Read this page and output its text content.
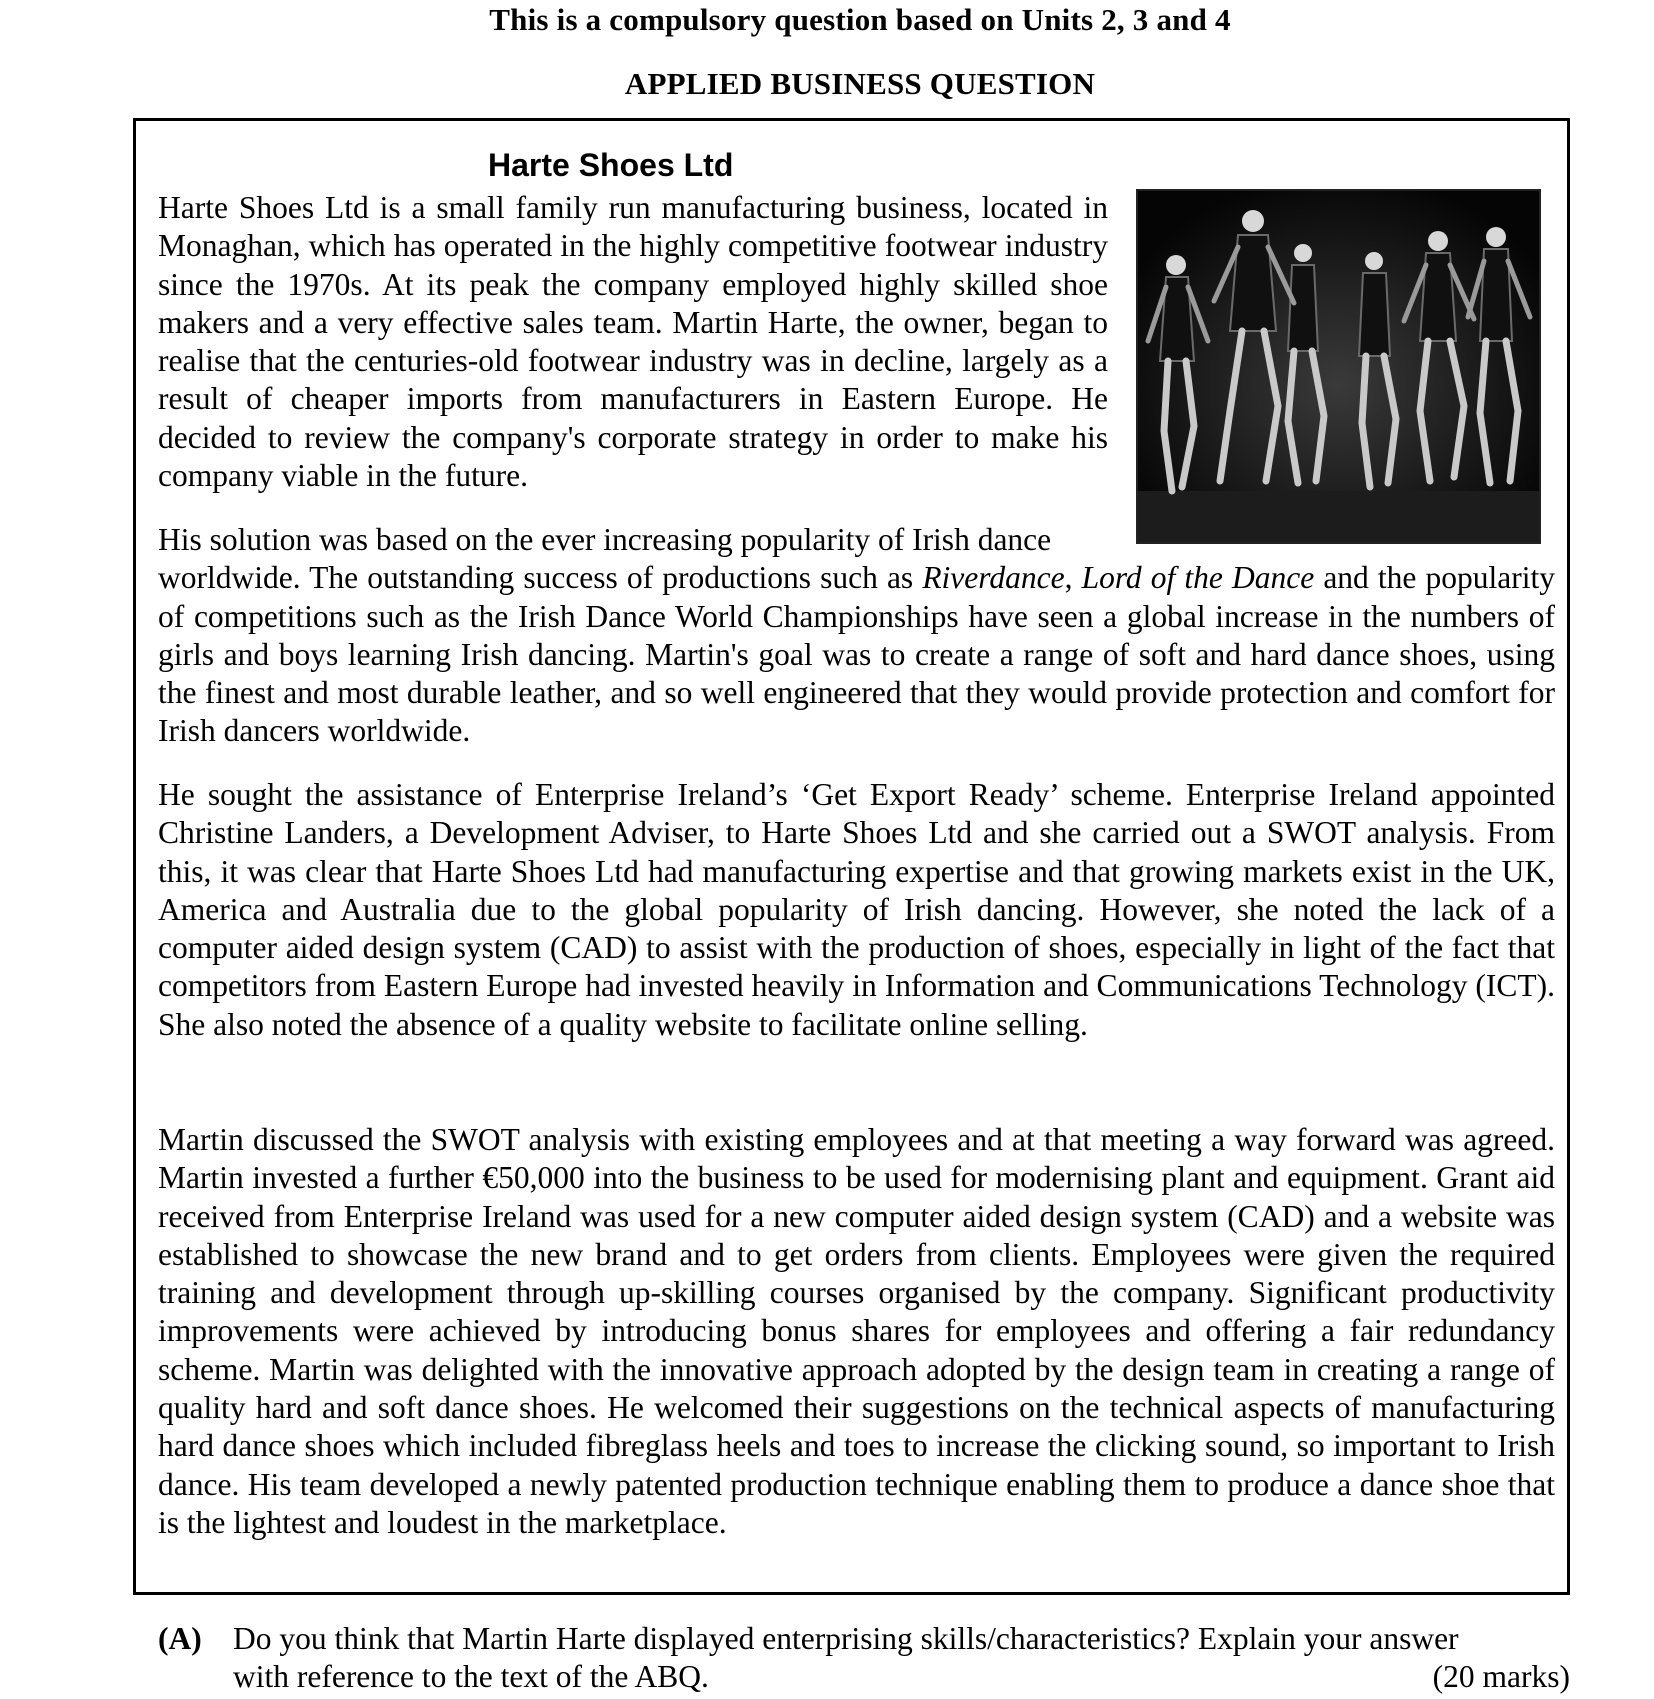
This is a compulsory question based on Units 2, 3 and 4
APPLIED BUSINESS QUESTION
Harte Shoes Ltd

Harte Shoes Ltd is a small family run manufacturing business, located in Monaghan, which has operated in the highly competitive footwear industry since the 1970s. At its peak the company employed highly skilled shoe makers and a very effective sales team. Martin Harte, the owner, began to realise that the centuries-old footwear industry was in decline, largely as a result of cheaper imports from manufacturers in Eastern Europe. He decided to review the company's corporate strategy in order to make his company viable in the future.

His solution was based on the ever increasing popularity of Irish dance
worldwide. The outstanding success of productions such as Riverdance, Lord of the Dance and the popularity of competitions such as the Irish Dance World Championships have seen a global increase in the numbers of girls and boys learning Irish dancing. Martin's goal was to create a range of soft and hard dance shoes, using the finest and most durable leather, and so well engineered that they would provide protection and comfort for Irish dancers worldwide.

He sought the assistance of Enterprise Ireland’s ‘Get Export Ready’ scheme. Enterprise Ireland appointed Christine Landers, a Development Adviser, to Harte Shoes Ltd and she carried out a SWOT analysis. From this, it was clear that Harte Shoes Ltd had manufacturing expertise and that growing markets exist in the UK, America and Australia due to the global popularity of Irish dancing. However, she noted the lack of a computer aided design system (CAD) to assist with the production of shoes, especially in light of the fact that competitors from Eastern Europe had invested heavily in Information and Communications Technology (ICT). She also noted the absence of a quality website to facilitate online selling.

Martin discussed the SWOT analysis with existing employees and at that meeting a way forward was agreed. Martin invested a further €50,000 into the business to be used for modernising plant and equipment. Grant aid received from Enterprise Ireland was used for a new computer aided design system (CAD) and a website was established to showcase the new brand and to get orders from clients. Employees were given the required training and development through up-skilling courses organised by the company. Significant productivity improvements were achieved by introducing bonus shares for employees and offering a fair redundancy scheme. Martin was delighted with the innovative approach adopted by the design team in creating a range of quality hard and soft dance shoes. He welcomed their suggestions on the technical aspects of manufacturing hard dance shoes which included fibreglass heels and toes to increase the clicking sound, so important to Irish dance. His team developed a newly patented production technique enabling them to produce a dance shoe that is the lightest and loudest in the marketplace.

(A) Do you think that Martin Harte displayed enterprising skills/characteristics? Explain your answer
with reference to the text of the ABQ.	(20 marks)
